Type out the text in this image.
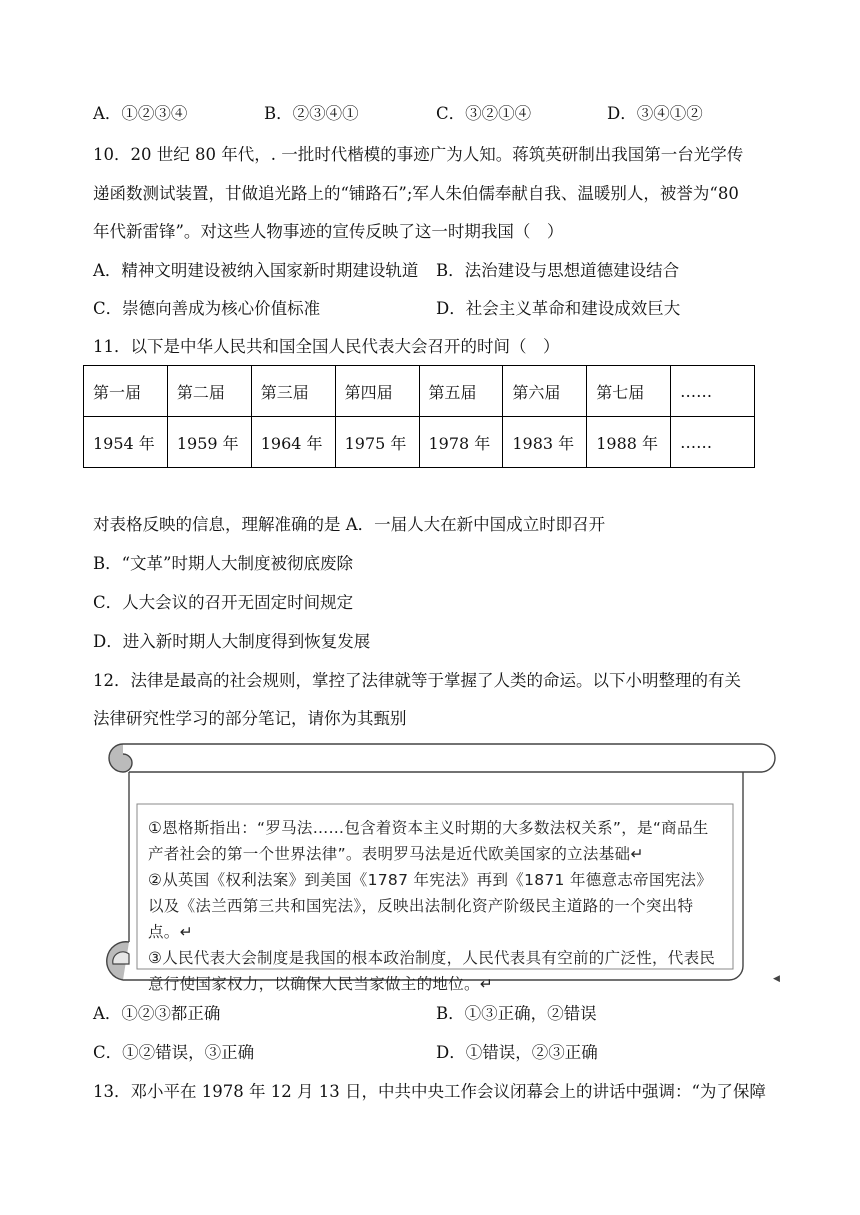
A．①②③④	B．②③④①	C．③②①④	D．③④①②
10．20 世纪 80 年代，. 一批时代楷模的事迹广为人知。蒋筑英研制出我国第一台光学传
递函数测试装置，甘做追光路上的“铺路石”;军人朱伯儒奉献自我、温暖别人，被誉为“80
年代新雷锋”。对这些人物事迹的宣传反映了这一时期我国（　）
A．精神文明建设被纳入国家新时期建设轨道 B．法治建设与思想道德建设结合
C．崇德向善成为核心价值标准	D．社会主义革命和建设成效巨大
11．以下是中华人民共和国全国人民代表大会召开的时间（　）
第一届	第二届	第三届	第四届	第五届	第六届	第七届	……
1954 年	1959 年	1964 年	1975 年	1978 年	1983 年	1988 年	……
对表格反映的信息，理解准确的是 A．一届人大在新中国成立时即召开
B．“文革”时期人大制度被彻底废除
C．人大会议的召开无固定时间规定
D．进入新时期人大制度得到恢复发展
12．法律是最高的社会规则，掌控了法律就等于掌握了人类的命运。以下小明整理的有关
法律研究性学习的部分笔记，请你为其甄别

①恩格斯指出：“罗马法……包含着资本主义时期的大多数法权关系”，是“商品生产者社会的第一个世界法律”。表明罗马法是近代欧美国家的立法基础↵

②从英国《权利法案》到美国《1787 年宪法》再到《1871 年德意志帝国宪法》以及《法兰西第三共和国宪法》，反映出法制化资产阶级民主道路的一个突出特点。↵

③人民代表大会制度是我国的根本政治制度，人民代表具有空前的广泛性，代表民意行使国家权力，以确保人民当家做主的地位。↵	◀
A．①②③都正确	B．①③正确，②错误
C．①②错误，③正确	D．①错误，②③正确
13．邓小平在 1978 年 12 月 13 日，中共中央工作会议闭幕会上的讲话中强调：“为了保障
